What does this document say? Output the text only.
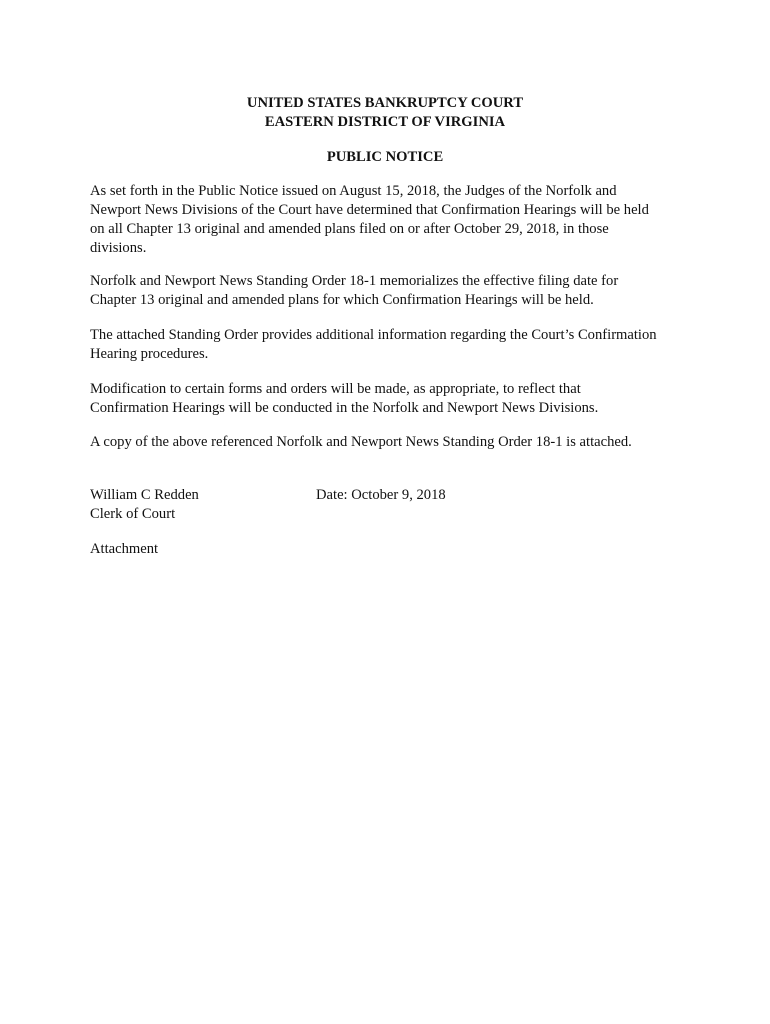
UNITED STATES BANKRUPTCY COURT
EASTERN DISTRICT OF VIRGINIA
PUBLIC NOTICE

As set forth in the Public Notice issued on August 15, 2018, the Judges of the Norfolk and

Newport News Divisions of the Court have determined that Confirmation Hearings will be held

on all Chapter 13 original and amended plans filed on or after October 29, 2018, in those

divisions.

Norfolk and Newport News Standing Order 18-1 memorializes the effective filing date for

Chapter 13 original and amended plans for which Confirmation Hearings will be held.

The attached Standing Order provides additional information regarding the Court’s Confirmation

Hearing procedures.

Modification to certain forms and orders will be made, as appropriate, to reflect that

Confirmation Hearings will be conducted in the Norfolk and Newport News Divisions.

A copy of the above referenced Norfolk and Newport News Standing Order 18-1 is attached.

William C Redden
Clerk of Court
Date: October 9, 2018
Attachment
